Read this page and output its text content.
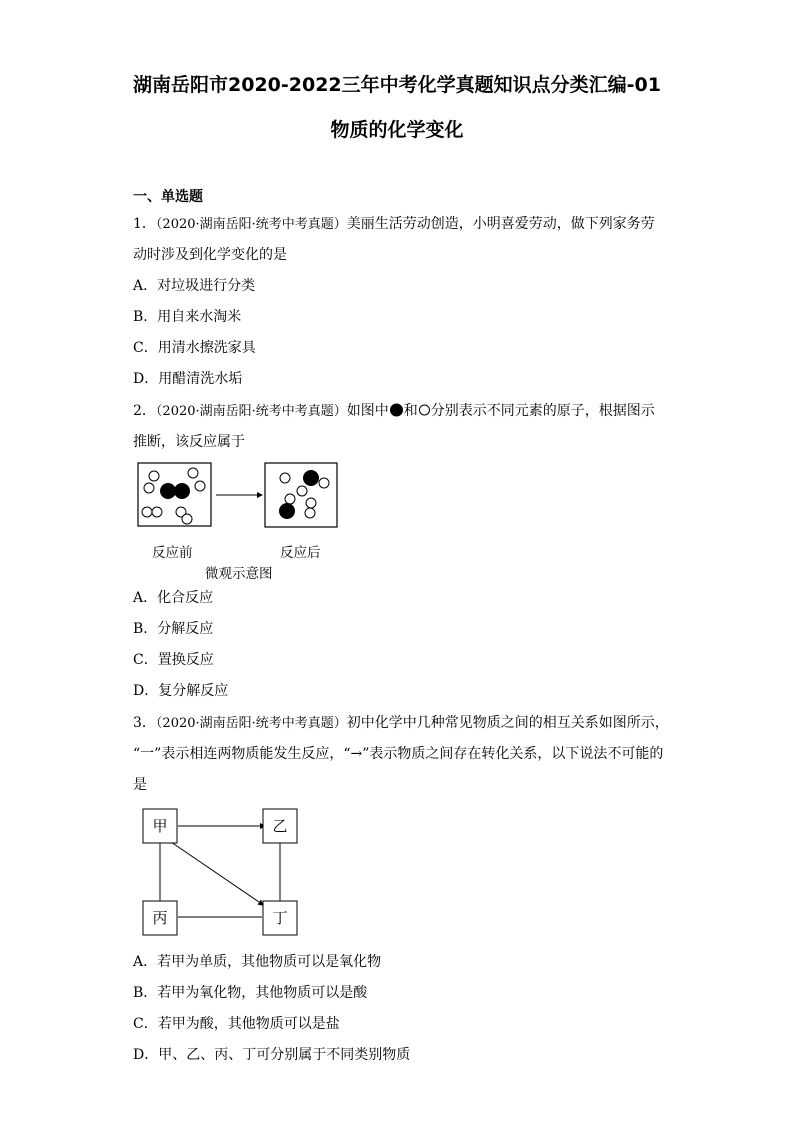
湖南岳阳市2020-2022三年中考化学真题知识点分类汇编-01
物质的化学变化
一、单选题
1．（2020·湖南岳阳·统考中考真题）美丽生活劳动创造，小明喜爱劳动，做下列家务劳
动时涉及到化学变化的是
A．对垃圾进行分类
B．用自来水淘米
C．用清水擦洗家具
D．用醋清洗水垢
2．（2020·湖南岳阳·统考中考真题）如图中 和 分别表示不同元素的原子，根据图示
推断，该反应属于
反应前	反应后
微观示意图
A．化合反应
B．分解反应
C．置换反应
D．复分解反应
3．（2020·湖南岳阳·统考中考真题）初中化学中几种常见物质之间的相互关系如图所示，
“一”表示相连两物质能发生反应，“→”表示物质之间存在转化关系，以下说法不可能的
是
甲	乙
丙	丁
A．若甲为单质，其他物质可以是氧化物
B．若甲为氧化物，其他物质可以是酸
C．若甲为酸，其他物质可以是盐
D．甲、乙、丙、丁可分别属于不同类别物质
